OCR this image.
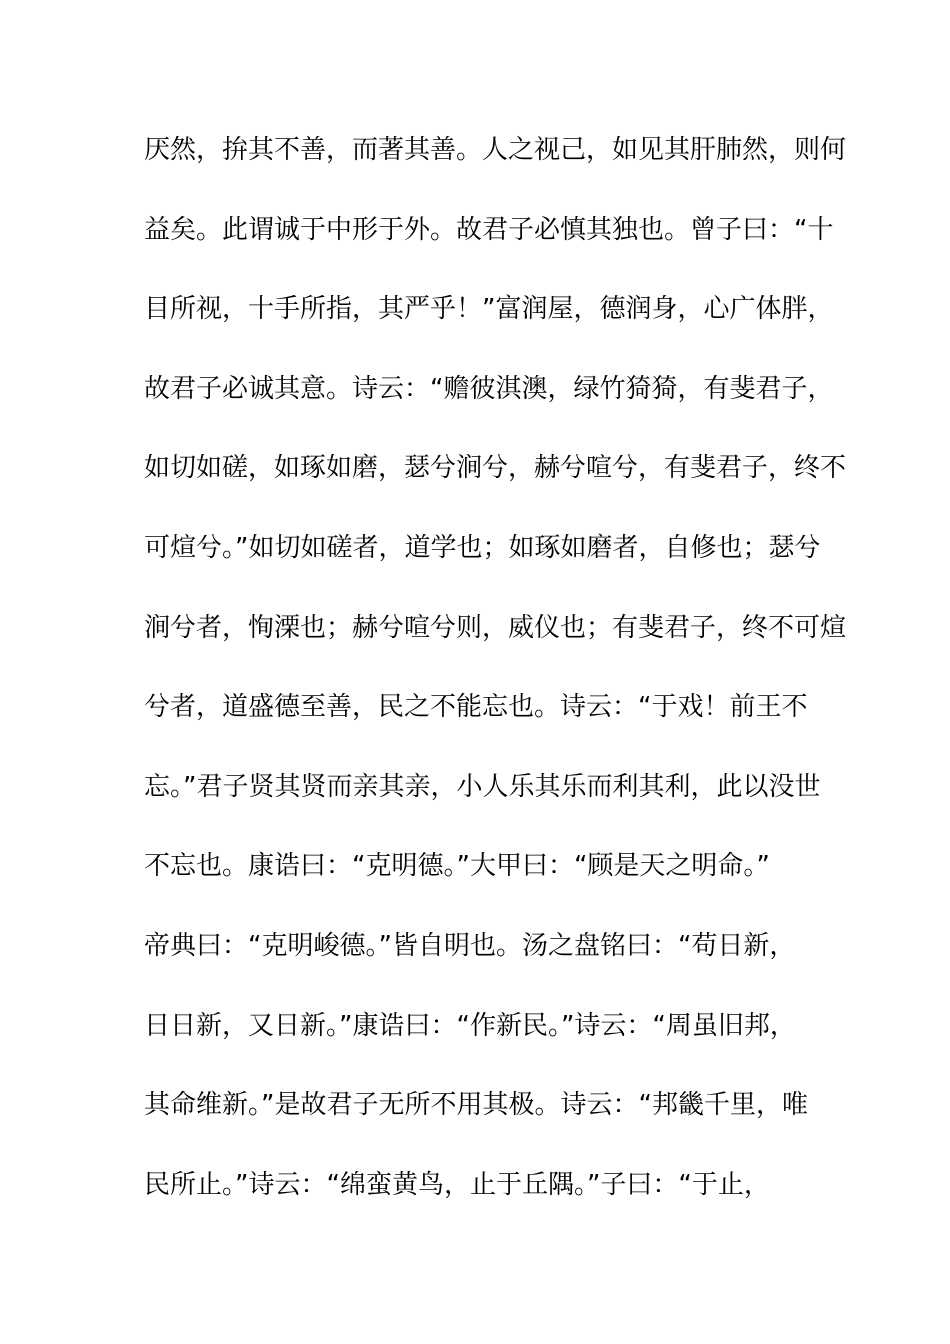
厌然，拚其不善，而著其善。人之视己，如见其肝肺然，则何
益矣。此谓诚于中形于外。故君子必慎其独也。曾子曰：“十
目所视，十手所指，其严乎！”富润屋，德润身，心广体胖，
故君子必诚其意。诗云：“赡彼淇澳，绿竹猗猗，有斐君子，
如切如磋，如琢如磨，瑟兮涧兮，赫兮喧兮，有斐君子，终不
可煊兮。”如切如磋者，道学也；如琢如磨者，自修也；瑟兮
涧兮者，恂溧也；赫兮喧兮则，威仪也；有斐君子，终不可煊
兮者，道盛德至善，民之不能忘也。诗云：“于戏！前王不
忘。”君子贤其贤而亲其亲，小人乐其乐而利其利，此以没世
不忘也。康诰曰：“克明德。”大甲曰：“顾是天之明命。”
帝典曰：“克明峻德。”皆自明也。汤之盘铭曰：“苟日新，
日日新，又日新。”康诰曰：“作新民。”诗云：“周虽旧邦，
其命维新。”是故君子无所不用其极。诗云：“邦畿千里，唯
民所止。”诗云：“绵蛮黄鸟，止于丘隅。”子曰：“于止，
